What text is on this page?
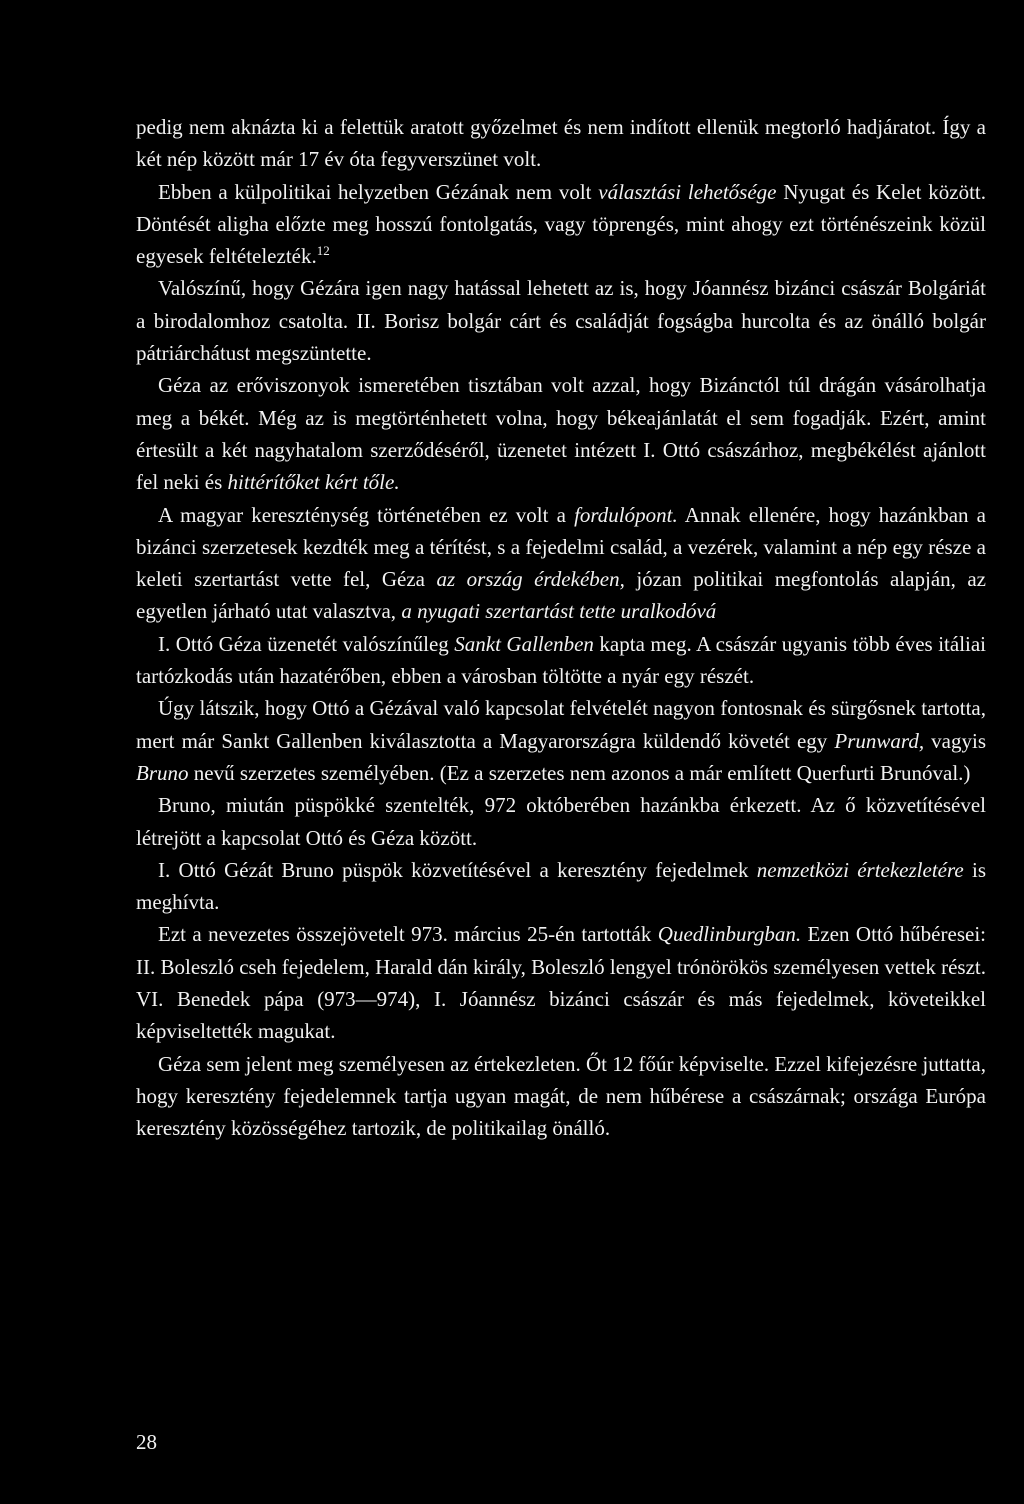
pedig nem aknázta ki a felettük aratott győzelmet és nem indított ellenük megtorló hadjáratot. Így a két nép között már 17 év óta fegyverszünet volt.

Ebben a külpolitikai helyzetben Gézának nem volt választási lehetősége Nyugat és Kelet között. Döntését aligha előzte meg hosszú fontolgatás, vagy töprengés, mint ahogy ezt történészeink közül egyesek feltételezték.$^{12}$

Valószínű, hogy Gézára igen nagy hatással lehetett az is, hogy Jóannész bizánci császár Bolgáriát a birodalomhoz csatolta. II. Borisz bolgár cárt és családját fogságba hurcolta és az önálló bolgár pátriárchátust megszüntette.

Géza az erőviszonyok ismeretében tisztában volt azzal, hogy Bizánctól túl drágán vásárolhatja meg a békét. Még az is megtörténhetett volna, hogy békeajánlatát el sem fogadják. Ezért, amint értesült a két nagyhatalom szerződéséről, üzenetet intézett I. Ottó császárhoz, megbékélést ajánlott fel neki és hittérítőket kért tőle.

A magyar kereszténység történetében ez volt a fordulópont. Annak ellenére, hogy hazánkban a bizánci szerzetesek kezdték meg a térítést, s a fejedelmi család, a vezérek, valamint a nép egy része a keleti szertartást vette fel, Géza az ország érdekében, józan politikai megfontolás alapján, az egyetlen járható utat valasztva, a nyugati szertartást tette uralkodóvá

I. Ottó Géza üzenetét valószínűleg Sankt Gallenben kapta meg. A császár ugyanis több éves itáliai tartózkodás után hazatérőben, ebben a városban töltötte a nyár egy részét.

Úgy látszik, hogy Ottó a Gézával való kapcsolat felvételét nagyon fontosnak és sürgősnek tartotta, mert már Sankt Gallenben kiválasztotta a Magyarországra küldendő követét egy Prunward, vagyis Bruno nevű szerzetes személyében. (Ez a szerzetes nem azonos a már említett Querfurti Brunóval.)

Bruno, miután püspökké szentelték, 972 októberében hazánkba érkezett. Az ő közvetítésével létrejött a kapcsolat Ottó és Géza között.

I. Ottó Gézát Bruno püspök közvetítésével a keresztény fejedelmek nemzetközi értekezletére is meghívta.

Ezt a nevezetes összejövetelt 973. március 25-én tartották Quedlinburgban. Ezen Ottó hűbéresei: II. Boleszló cseh fejedelem, Harald dán király, Boleszló lengyel trónörökös személyesen vettek részt. VI. Benedek pápa (973—974), I. Jóannész bizánci császár és más fejedelmek, követeikkel képviseltették magukat.

Géza sem jelent meg személyesen az értekezleten. Őt 12 főúr képviselte. Ezzel kifejezésre juttatta, hogy keresztény fejedelemnek tartja ugyan magát, de nem hűbérese a császárnak; országa Európa keresztény közösségéhez tartozik, de politikailag önálló.

28
